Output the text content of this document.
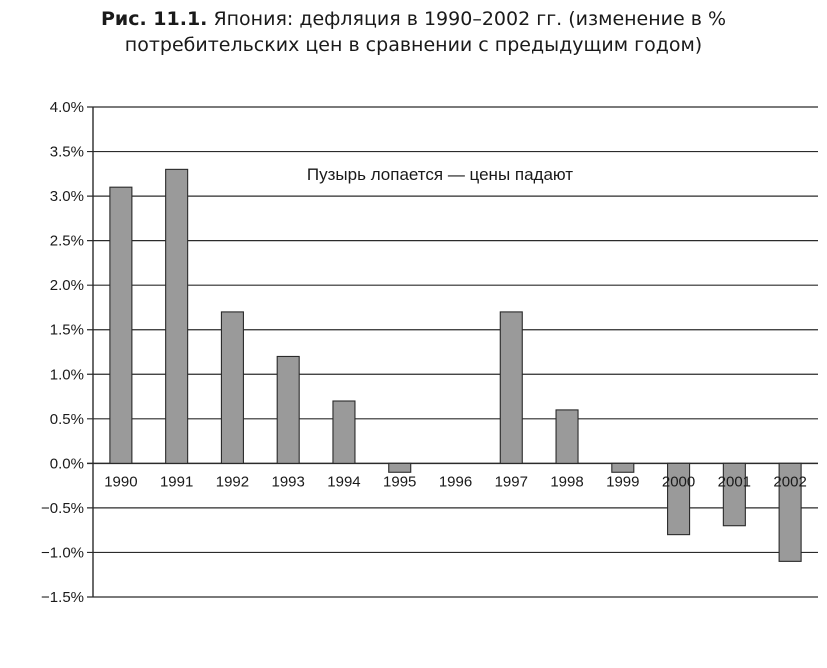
Рис. 11.1. Япония: дефляция в 1990–2002 гг. (изменение в %
потребительских цен в сравнении с предыдущим годом)
4.0%
3.5%
3.0%
2.5%
2.0%
1.5%
1.0%
0.5%
0.0%
−0.5%
−1.0%
−1.5%
1990 1991 1992 1993 1994 1995 1996 1997 1998 1999 2000 2001 2002
Пузырь лопается — цены падают
